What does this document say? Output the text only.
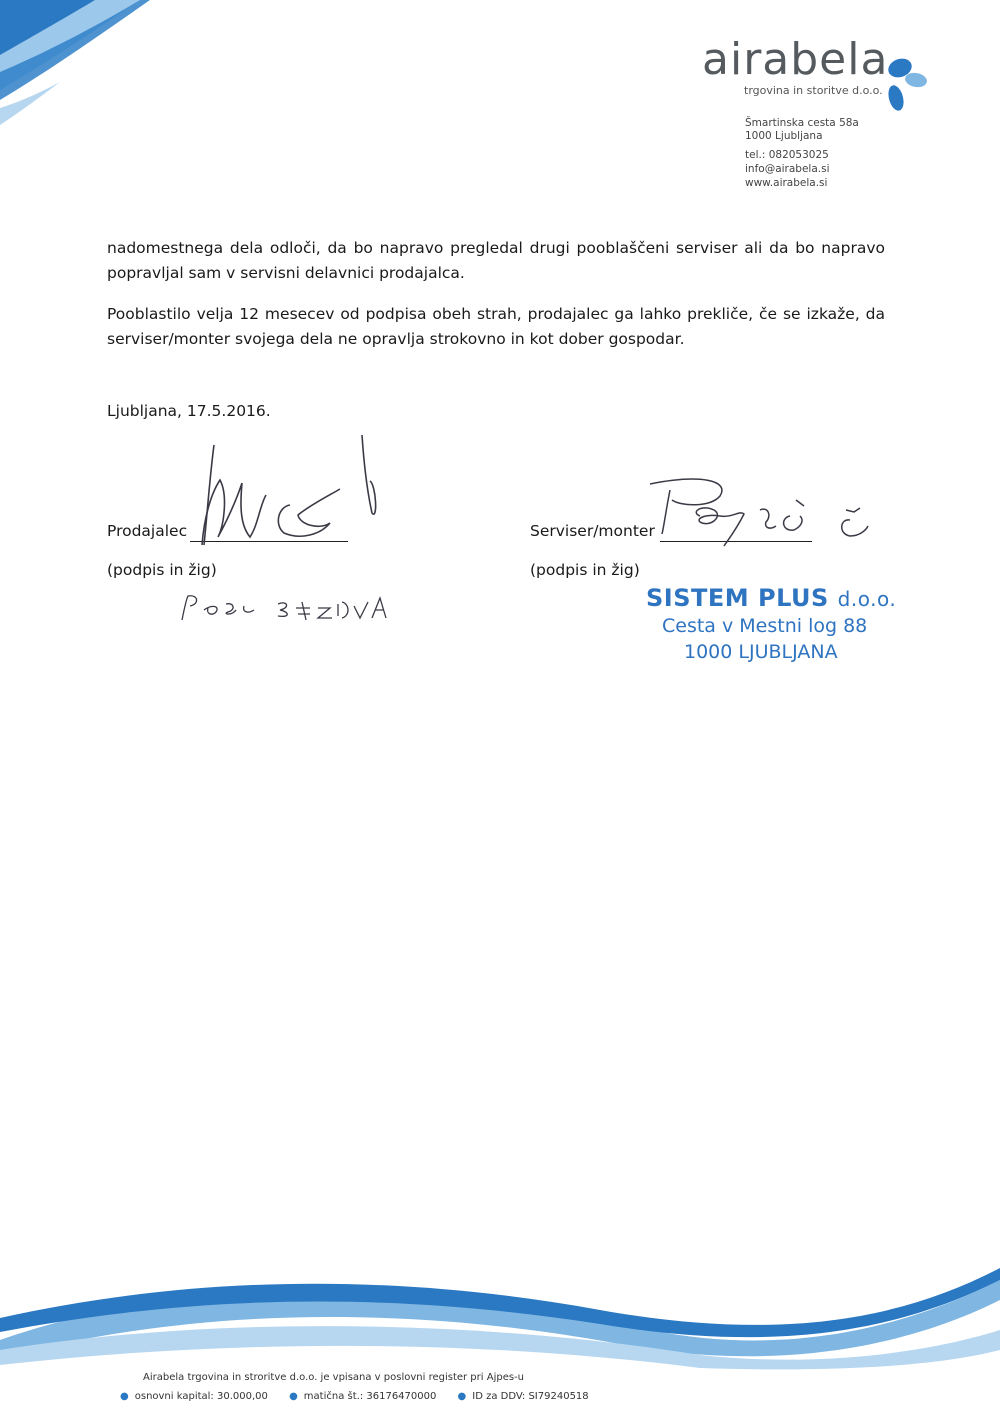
airabela
trgovina in storitve d.o.o.
Šmartinska cesta 58a
1000 Ljubljana
tel.: 082053025
info@airabela.si
www.airabela.si
nadomestnega dela odloči, da bo napravo pregledal drugi pooblaščeni serviser ali da bo napravo popravljal sam v servisni delavnici prodajalca.
Pooblastilo velja 12 mesecev od podpisa obeh strah, prodajalec ga lahko prekliče, če se izkaže, da serviser/monter svojega dela ne opravlja strokovno in kot dober gospodar.
Ljubljana, 17.5.2016.
Prodajalec
(podpis in žig)
Serviser/monter
(podpis in žig)
SISTEM PLUS d.o.o.
Cesta v Mestni log 88
1000 LJUBLJANA
Airabela trgovina in stroritve d.o.o. je vpisana v poslovni register pri Ajpes-u
● osnovni kapital: 30.000,00 ● matična št.: 36176470000 ● ID za DDV: SI79240518
